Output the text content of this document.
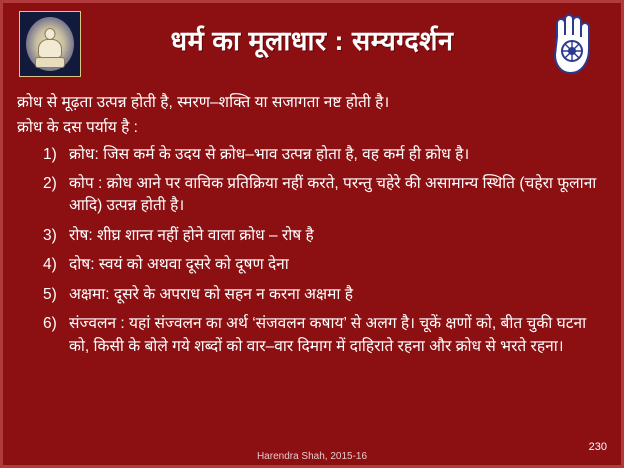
धर्म का मूलाधार : सम्यग्दर्शन

क्रोध से मूढ़ता उत्पन्न होती है, स्मरण–शक्ति या सजागता नष्ट होती है।

क्रोध के दस पर्याय है :

1) क्रोध: जिस कर्म के उदय से क्रोध–भाव उत्पन्न होता है, वह कर्म ही क्रोध है।
2) कोप : क्रोध आने पर वाचिक प्रतिक्रिया नहीं करते, परन्तु चहेरे की असामान्य स्थिति (चहेरा फूलाना आदि) उत्पन्न होती है।
3) रोष: शीघ्र शान्त नहीं होने वाला क्रोध – रोष है
4) दोष: स्वयं को अथवा दूसरे को दूषण देना
5) अक्षमा: दूसरे के अपराध को सहन न करना अक्षमा है
6) संज्वलन : यहां संज्वलन का अर्थ ‘संजवलन कषाय’ से अलग है। चूकें क्षणों को, बीत चुकी घटना को, किसी के बोले गये शब्दों को वार–वार दिमाग में दाहिराते रहना और क्रोध से भरते रहना।
Harendra Shah, 2015-16
230
